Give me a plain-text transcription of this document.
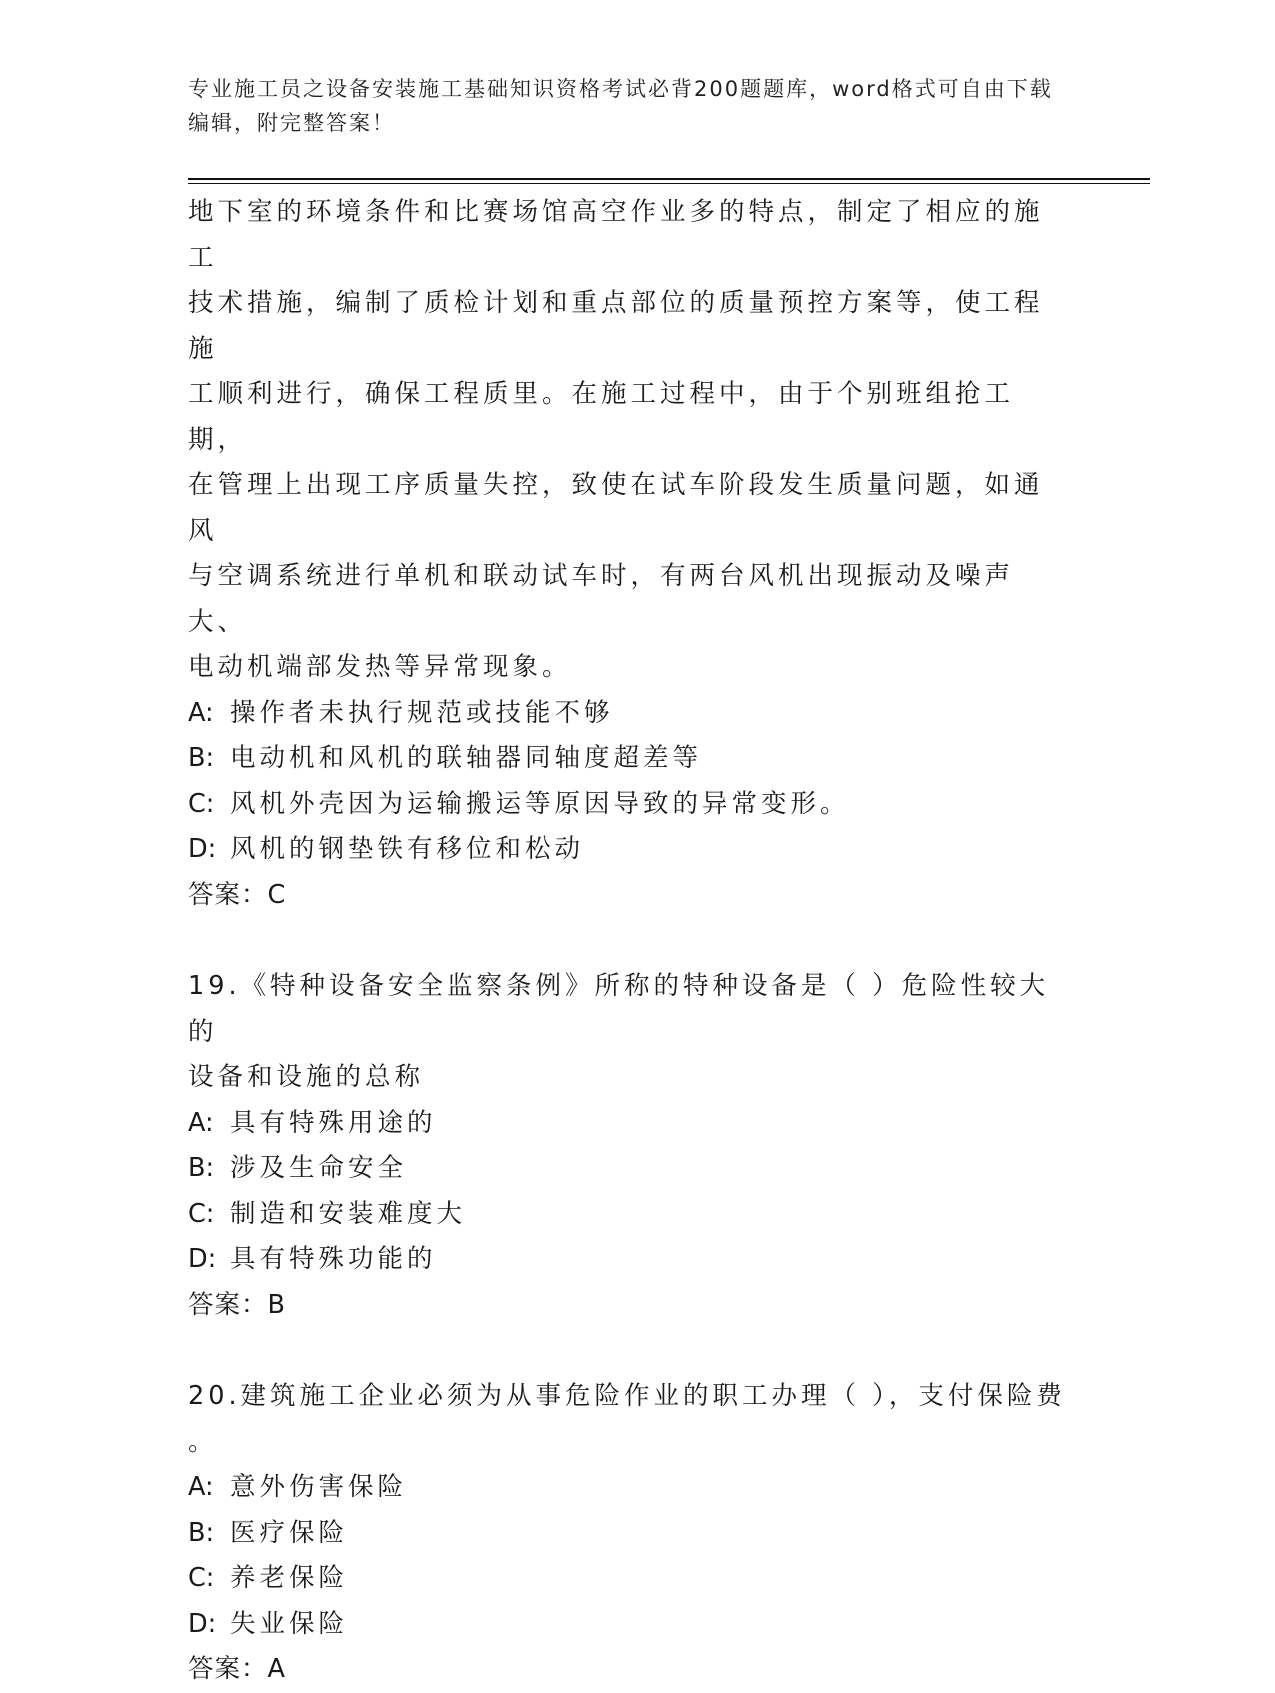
专业施工员之设备安装施工基础知识资格考试必背200题题库，word格式可自由下载编辑，附完整答案！

地下室的环境条件和比赛场馆高空作业多的特点，制定了相应的施工

技术措施，编制了质检计划和重点部位的质量预控方案等，使工程施

工顺利进行，确保工程质里。在施工过程中，由于个别班组抢工期，

在管理上出现工序质量失控，致使在试车阶段发生质量问题，如通风

与空调系统进行单机和联动试车时，有两台风机出现振动及噪声大、

电动机端部发热等异常现象。

A: 操作者未执行规范或技能不够

B: 电动机和风机的联轴器同轴度超差等

C: 风机外壳因为运输搬运等原因导致的异常变形。

D: 风机的钢垫铁有移位和松动

答案：C

19.《特种设备安全监察条例》所称的特种设备是（ ）危险性较大的

设备和设施的总称

A: 具有特殊用途的

B: 涉及生命安全

C: 制造和安装难度大

D: 具有特殊功能的

答案：B

20.建筑施工企业必须为从事危险作业的职工办理（ ），支付保险费

。

A: 意外伤害保险

B: 医疗保险

C: 养老保险

D: 失业保险

答案：A
